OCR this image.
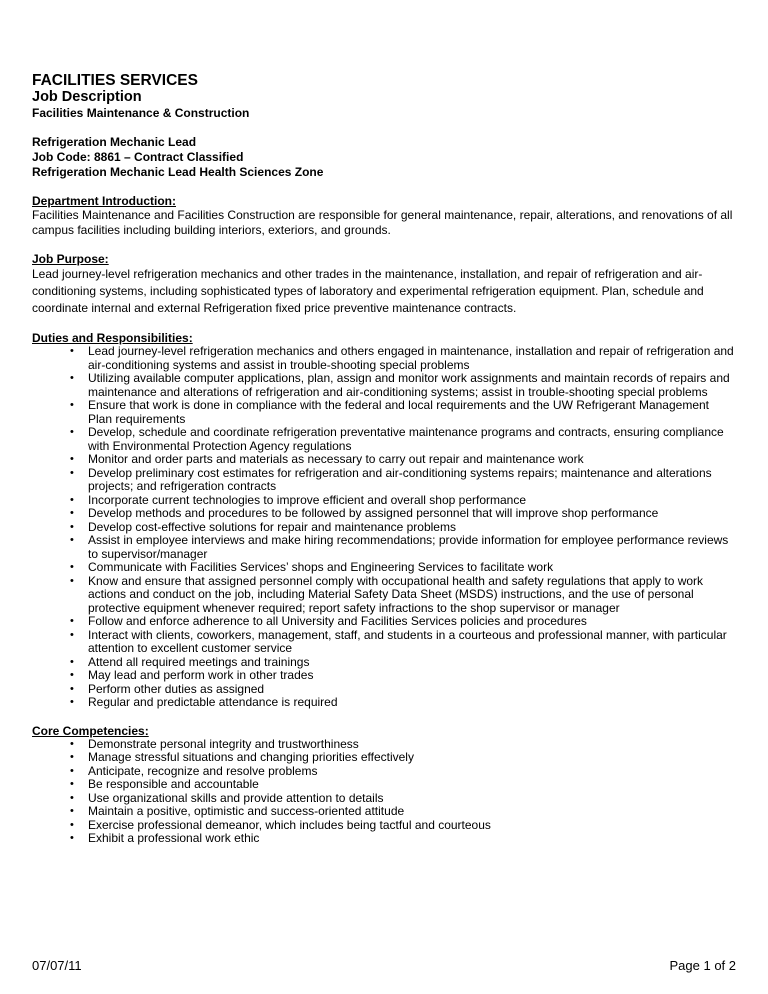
FACILITIES SERVICES

Job Description

Facilities Maintenance & Construction

Refrigeration Mechanic Lead

Job Code: 8861 – Contract Classified

Refrigeration Mechanic Lead Health Sciences Zone

Department Introduction:

Facilities Maintenance and Facilities Construction are responsible for general maintenance, repair, alterations, and renovations of all campus facilities including building interiors, exteriors, and grounds.

Job Purpose:

Lead journey-level refrigeration mechanics and other trades in the maintenance, installation, and repair of refrigeration and air-conditioning systems, including sophisticated types of laboratory and experimental refrigeration equipment. Plan, schedule and coordinate internal and external Refrigeration fixed price preventive maintenance contracts.

Duties and Responsibilities:

• Lead journey-level refrigeration mechanics and others engaged in maintenance, installation and repair of refrigeration and air-conditioning systems and assist in trouble-shooting special problems
• Utilizing available computer applications, plan, assign and monitor work assignments and maintain records of repairs and maintenance and alterations of refrigeration and air-conditioning systems; assist in trouble-shooting special problems
• Ensure that work is done in compliance with the federal and local requirements and the UW Refrigerant Management Plan requirements
• Develop, schedule and coordinate refrigeration preventative maintenance programs and contracts, ensuring compliance with Environmental Protection Agency regulations
• Monitor and order parts and materials as necessary to carry out repair and maintenance work
• Develop preliminary cost estimates for refrigeration and air-conditioning systems repairs; maintenance and alterations projects; and refrigeration contracts
• Incorporate current technologies to improve efficient and overall shop performance
• Develop methods and procedures to be followed by assigned personnel that will improve shop performance
• Develop cost-effective solutions for repair and maintenance problems
• Assist in employee interviews and make hiring recommendations; provide information for employee performance reviews to supervisor/manager
• Communicate with Facilities Services’ shops and Engineering Services to facilitate work
• Know and ensure that assigned personnel comply with occupational health and safety regulations that apply to work actions and conduct on the job, including Material Safety Data Sheet (MSDS) instructions, and the use of personal protective equipment whenever required; report safety infractions to the shop supervisor or manager
• Follow and enforce adherence to all University and Facilities Services policies and procedures
• Interact with clients, coworkers, management, staff, and students in a courteous and professional manner, with particular attention to excellent customer service
• Attend all required meetings and trainings
• May lead and perform work in other trades
• Perform other duties as assigned
• Regular and predictable attendance is required

Core Competencies:

• Demonstrate personal integrity and trustworthiness
• Manage stressful situations and changing priorities effectively
• Anticipate, recognize and resolve problems
• Be responsible and accountable
• Use organizational skills and provide attention to details
• Maintain a positive, optimistic and success-oriented attitude
• Exercise professional demeanor, which includes being tactful and courteous
• Exhibit a professional work ethic
07/07/11	Page 1 of 2
